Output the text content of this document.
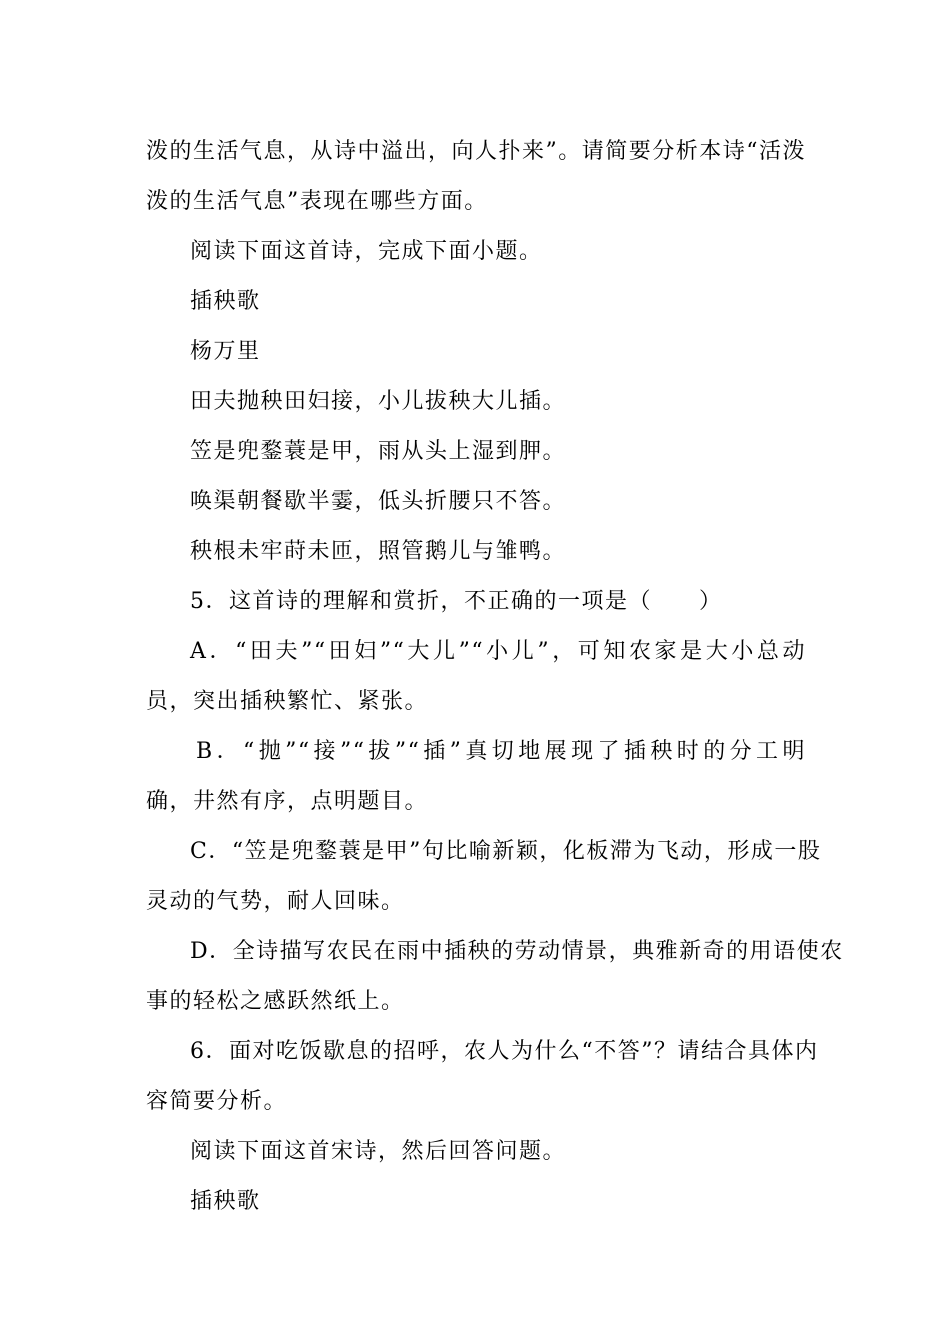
泼的生活气息，从诗中溢出，向人扑来”。请简要分析本诗“活泼
泼的生活气息”表现在哪些方面。
阅读下面这首诗，完成下面小题。
插秧歌
杨万里
田夫抛秧田妇接，小儿拔秧大儿插。
笠是兜鍪蓑是甲，雨从头上湿到胛。
唤渠朝餐歇半霎，低头折腰只不答。
秧根未牢莳未匝，照管鹅儿与雏鸭。
5．这首诗的理解和赏折，不正确的一项是（　　）
A．“田夫”“田妇”“大儿”“小儿”，可知农家是大小总动
员，突出插秧繁忙、紧张。
B．“抛”“接”“拔”“插”真切地展现了插秧时的分工明
确，井然有序，点明题目。
C．“笠是兜鍪蓑是甲”句比喻新颖，化板滞为飞动，形成一股
灵动的气势，耐人回味。
D．全诗描写农民在雨中插秧的劳动情景，典雅新奇的用语使农
事的轻松之感跃然纸上。
6．面对吃饭歇息的招呼，农人为什么“不答”？请结合具体内
容简要分析。
阅读下面这首宋诗，然后回答问题。
插秧歌
